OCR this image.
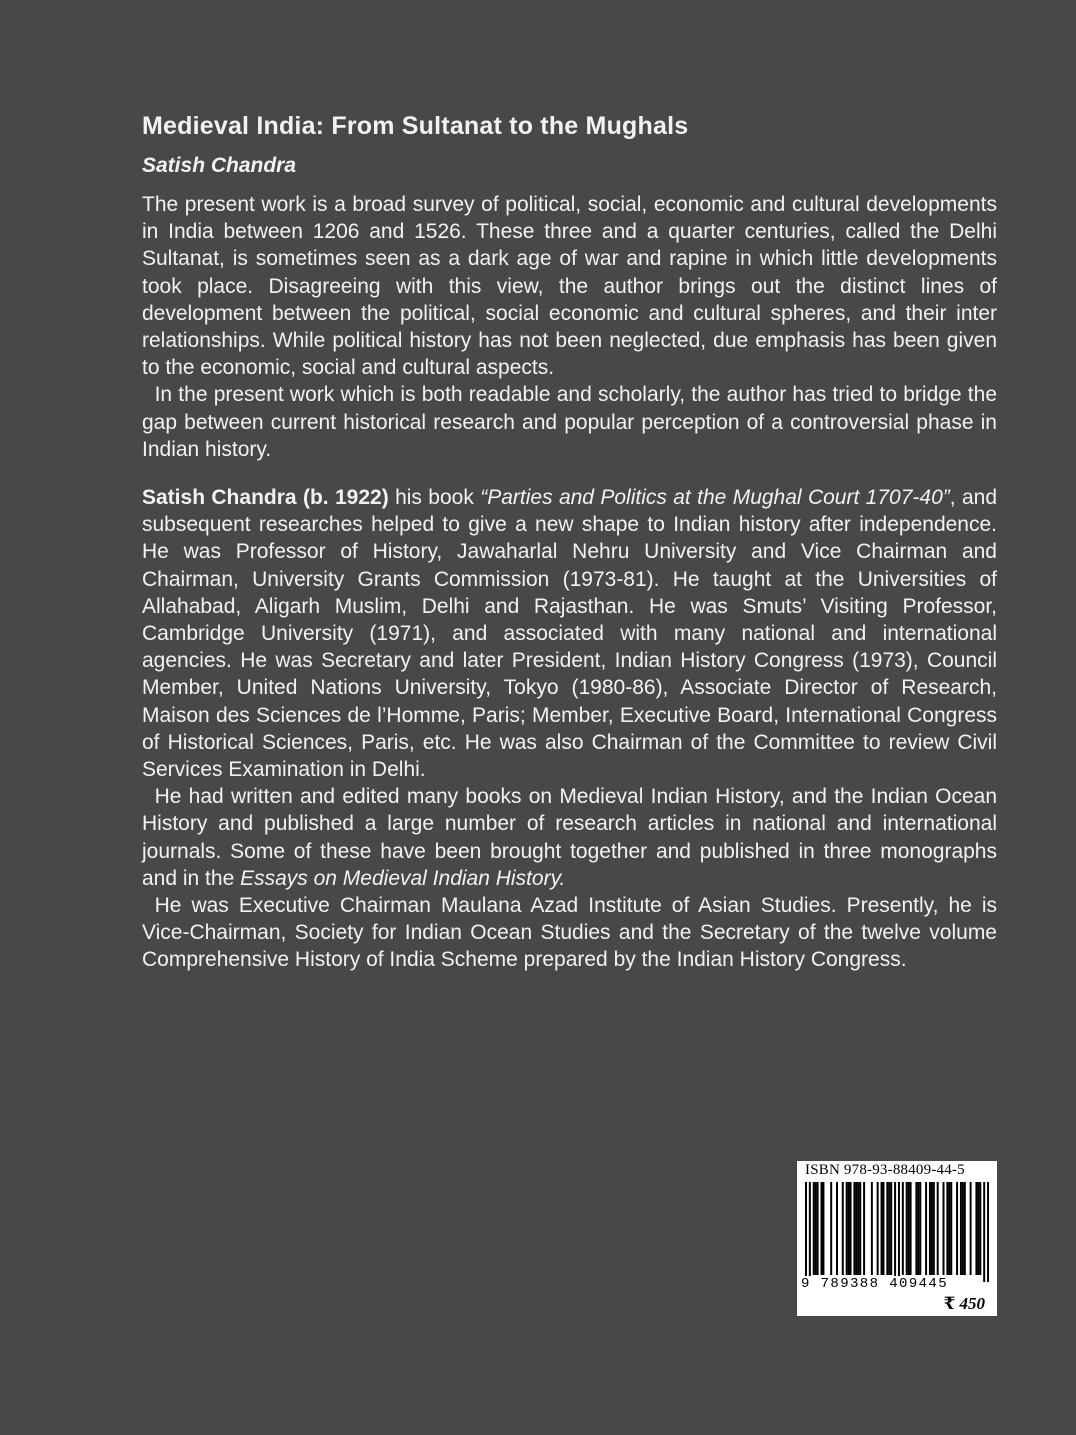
Medieval India: From Sultanat to the Mughals
Satish Chandra

The present work is a broad survey of political, social, economic and cultural developments in India between 1206 and 1526. These three and a quarter centuries, called the Delhi Sultanat, is sometimes seen as a dark age of war and rapine in which little developments took place. Disagreeing with this view, the author brings out the distinct lines of development between the political, social economic and cultural spheres, and their inter relationships. While political history has not been neglected, due emphasis has been given to the economic, social and cultural aspects.

In the present work which is both readable and scholarly, the author has tried to bridge the gap between current historical research and popular perception of a controversial phase in Indian history.

Satish Chandra (b. 1922) his book “Parties and Politics at the Mughal Court 1707-40”, and subsequent researches helped to give a new shape to Indian history after independence. He was Professor of History, Jawaharlal Nehru University and Vice Chairman and Chairman, University Grants Commission (1973-81). He taught at the Universities of Allahabad, Aligarh Muslim, Delhi and Rajasthan. He was Smuts’ Visiting Professor, Cambridge University (1971), and associated with many national and international agencies. He was Secretary and later President, Indian History Congress (1973), Council Member, United Nations University, Tokyo (1980-86), Associate Director of Research, Maison des Sciences de l’Homme, Paris; Member, Executive Board, International Congress of Historical Sciences, Paris, etc. He was also Chairman of the Committee to review Civil Services Examination in Delhi.

He had written and edited many books on Medieval Indian History, and the Indian Ocean History and published a large number of research articles in national and international journals. Some of these have been brought together and published in three monographs and in the Essays on Medieval Indian History.

He was Executive Chairman Maulana Azad Institute of Asian Studies. Presently, he is Vice-Chairman, Society for Indian Ocean Studies and the Secretary of the twelve volume Comprehensive History of India Scheme prepared by the Indian History Congress.

ISBN 978-93-88409-44-5
9 789388 409445
₹ 450
